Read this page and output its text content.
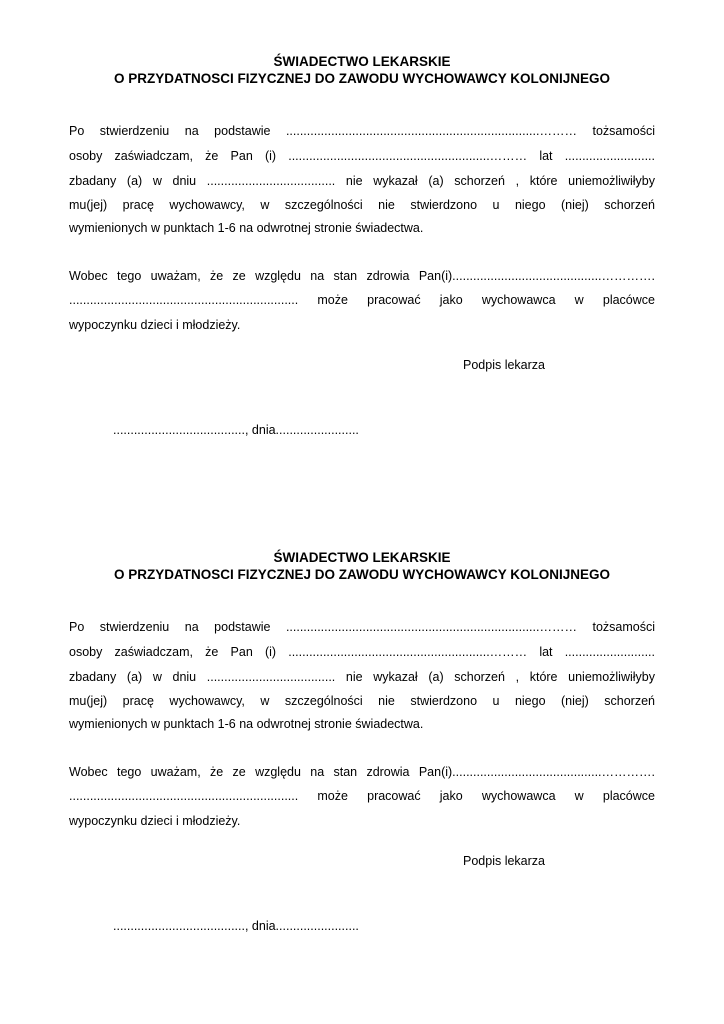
ŚWIADECTWO LEKARSKIE
O PRZYDATNOSCI FIZYCZNEJ DO ZAWODU WYCHOWAWCY KOLONIJNEGO
Po stwierdzeniu na podstawie .........................................................................……… tożsamości
osoby zaświadczam, że Pan (i) ..........................................................……… lat ..........................
zbadany (a) w dniu ..................................... nie wykazał (a) schorzeń , które uniemożliwiłyby
mu(jej) pracę wychowawcy, w szczególności nie stwierdzono u niego (niej) schorzeń
wymienionych w punktach 1-6 na odwrotnej stronie świadectwa.
Wobec tego uważam, że ze względu na stan zdrowia Pan(i)...........................................………….
.................................................................. może pracować jako wychowawca w placówce
wypoczynku dzieci i młodzieży.
Podpis lekarza
......................................, dnia........................
ŚWIADECTWO LEKARSKIE
O PRZYDATNOSCI FIZYCZNEJ DO ZAWODU WYCHOWAWCY KOLONIJNEGO
Po stwierdzeniu na podstawie .........................................................................……… tożsamości
osoby zaświadczam, że Pan (i) ..........................................................……… lat ..........................
zbadany (a) w dniu ..................................... nie wykazał (a) schorzeń , które uniemożliwiłyby
mu(jej) pracę wychowawcy, w szczególności nie stwierdzono u niego (niej) schorzeń
wymienionych w punktach 1-6 na odwrotnej stronie świadectwa.
Wobec tego uważam, że ze względu na stan zdrowia Pan(i)...........................................………….
.................................................................. może pracować jako wychowawca w placówce
wypoczynku dzieci i młodzieży.
Podpis lekarza
......................................, dnia........................
